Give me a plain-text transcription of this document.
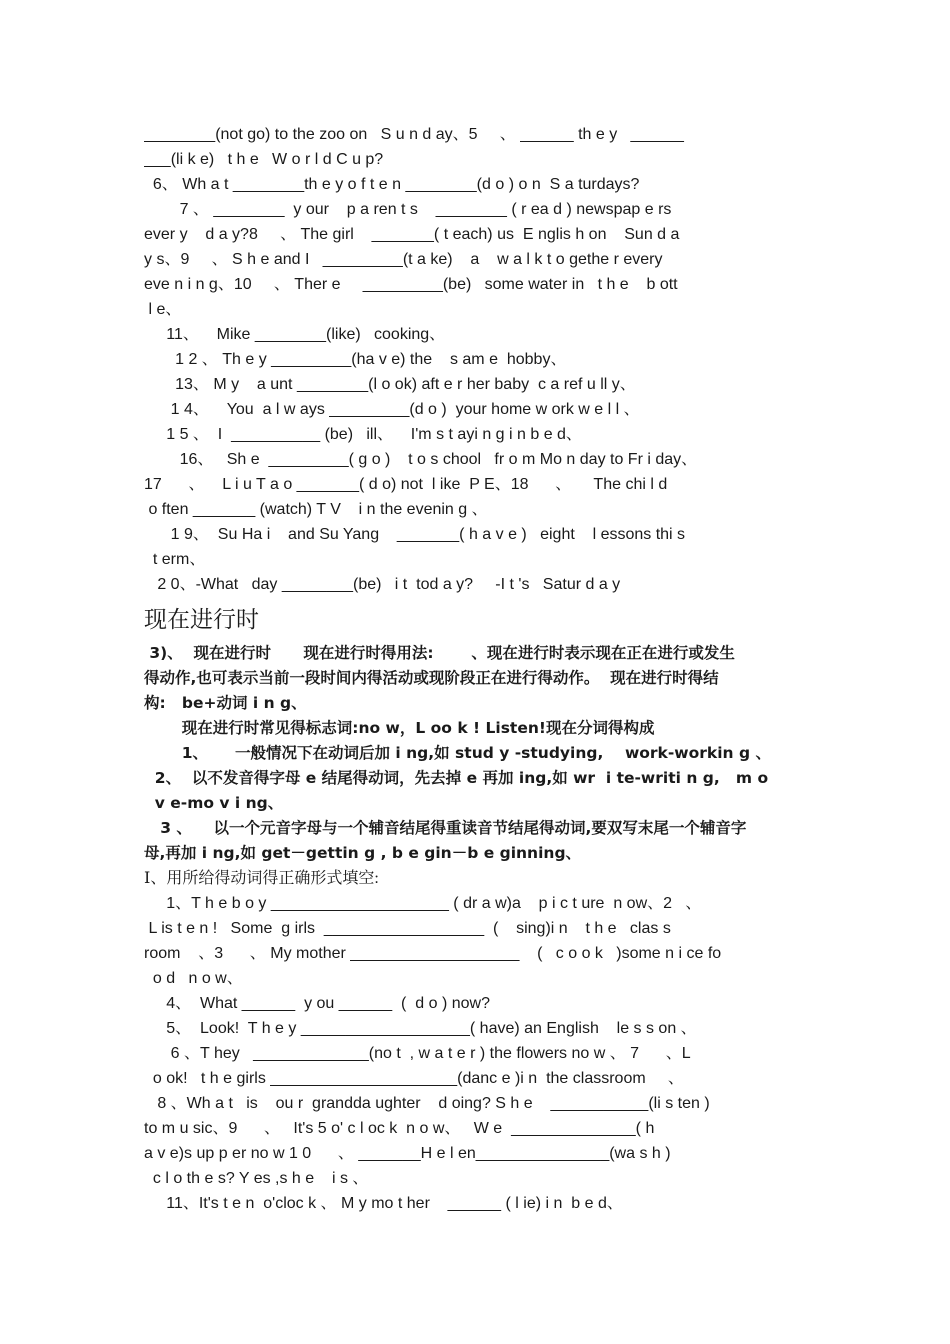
________(not go) to the zoo on   S u n d ay、5     、 ______ th e y   ______
___(li k e)   t h e   W o r l d C u p?
6、 Wh a t ________th e y o f t e n ________(d o ) o n  S a turdays?
7 、 ________  y our    p a ren t s    ________ ( r ea d ) newspap e rs
ever y    d a y?8     、 The girl    _______( t each) us  E nglis h on    Sun d a
y s、9     、 S h e and I   _________(t a ke)    a    w a l k t o gethe r every
eve n i n g、10     、 Ther e     _________(be)   some water in   t h e    b ott
l e、
11、    Mike ________(like)   cooking、
1 2 、 Th e y _________(ha v e) the    s am e  hobby、
13、 M y    a unt ________(l o ok) aft e r her baby  c a ref u ll y、
1 4、    You  a l w ays _________(d o )  your home w ork w e l l 、
1 5 、  I  __________ (be)   ill、    I'm s t ayi n g i n b e d、
16、   Sh e  _________( g o )    t o s chool   fr o m Mo n day to Fr i day、
17      、    L i u T a o _______( d o) not  l ike  P E、18      、     The chi l d
o ften _______ (watch) T V    i n the evenin g 、
1 9、  Su Ha i    and Su Yang    _______( h a v e )   eight    l essons thi s
t erm、
2 0、-What   day ________(be)   i t  tod a y?     -I t 's   Satur d a y
现在进行时
3)、  现在进行时      现在进行时得用法:       、现在进行时表示现在正在进行或发生
得动作,也可表示当前一段时间内得活动或现阶段正在进行得动作。  现在进行时得结
构:   be+动词 i n g、
现在进行时常见得标志词:no w，L oo k ! Listen!现在分词得构成
1、     一般情况下在动词后加 i ng,如 stud y -studying,    work-workin g 、
2、  以不发音得字母 e 结尾得动词，先去掉 e 再加 ing,如 wr  i te-writi n g,   m o
v e-mo v i ng、
3 、    以一个元音字母与一个辅音结尾得重读音节结尾得动词,要双写末尾一个辅音字
母,再加 i ng,如 get－gettin g , b e gin－b e ginning、
Ⅰ、用所给得动词得正确形式填空:
1、T h e b o y ____________________ ( dr a w)a    p i c t ure  n ow、2   、
L is t e n !   Some  g irls  __________________  (    sing)i n    t h e   clas s
room    、3      、 My mother ___________________    (   c o o k   )some n i ce fo
o d   n o w、
4、  What ______  y ou ______  (  d o ) now?
5、  Look!  T h e y ___________________( have) an English    le s s on 、
6 、T hey   _____________(no t  , w a t e r ) the flowers no w 、 7      、L
o ok!   t h e girls _____________________(danc e )i n  the classroom     、
8 、Wh a t   is    ou r  grandda ughter    d oing? S h e    ___________(li s ten )
to m u sic、9      、   It's 5 o' c l oc k  n o w、   W e  ______________( h
a v e)s up p er no w 1 0      、 _______H e l en_______________(wa s h )
c l o th e s? Y es ,s h e    i s 、
11、It's t e n  o'cloc k 、 M y mo t her    ______ ( l ie) i n  b e d、
